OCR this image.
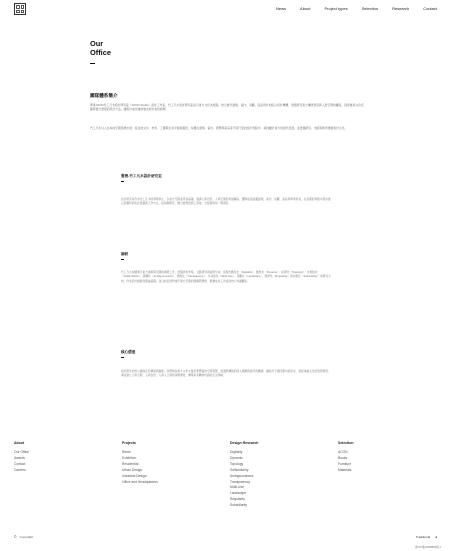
News	About	Project types	Selection	Research	Contact
Our
Office
團隊體系簡介

華東CFOO竹工凡木設計研究室（CFOO Studio）設計工作室，竹工凡木設計研究室是以東方文化為根基，結合當代建築、室內、景觀、產品設計的綜合設計機構，透過研究東方傳統營造與人居空間的關係，探索兼具文化底蘊與當代語境的設計方法，讓設計成為連結過去與未來的橋樑。

竹工凡木以人為本的空間思維出發，從在地文化、材料、工藝與生活中汲取靈感，持續在建築、室內、展覽與產品等不同尺度的設計實踐中，尋找屬於東方的當代表達，並透過研究、出版與教育推廣設計文化。

實務-竹工凡木設計研究室

設計研究室作為竹工凡木的實務核心，以東方空間美學為基礎，強調人與自然、人與空間的和諧關係。團隊成員涵蓋建築、室內、景觀、產品等專業背景，在長期的實踐中逐步建立起獨特的設計語彙與工作方法，從前期研究、概念發想到施工落地，全程參與每一個項目。

調研

竹工凡木持續進行東方建築與空間的調研工作，透過實地考察、文獻研究與案例分析，梳理出數位化（Digitality）、動態化（Dynamic）、拓撲化（Topology）、自相似化（Selfsimilarity）、模糊化（Ambiguousness）、透明化（Transparency）、多功能化（Multi-Use）、景觀化（Landscape）、規律化（Regularity）與次級化（Subsidiarity）等研究方向，作為設計創新的理論基礎，並以此拓展對當代東方空間的理解與想像，累積成為工作室的核心知識體系。

核心價值

設計研究的核心價值在於傳承與創新。我們相信東方文化中蘊含著豐富的空間智慧，透過對傳統的深入理解與當代的轉譯，讓設計不僅回應功能需求，更能承載文化記憶與情感，進而建立人與空間、人與自然、人與人之間的深層連結，構築具有精神內涵的生活場域。

About
Our Office
Awards
Contact
Careers
Projects
Retail
Exhibition
Residential
Urban Design
Industrial Design
Office and Headquarters
Design Research
Digitality
Dynamic
Topology
Selfsimilarity
Ambiguousness
Transparency
Multi-Use
Landscape
Regularity
Subsidiarity
Selection
ACON
Books
Furniture
Materials
© Copyright	Traditional ◂
浙ICP備19008829號-1
